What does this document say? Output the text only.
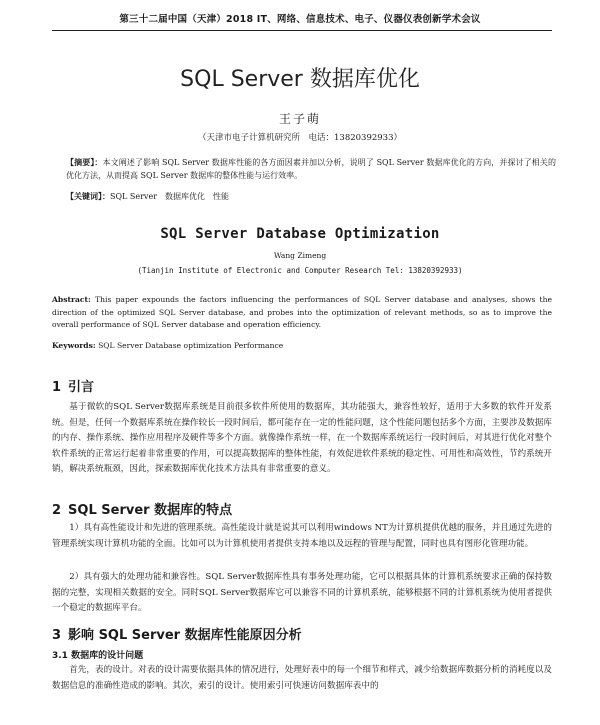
第三十二届中国（天津）2018 IT、网络、信息技术、电子、仪器仪表创新学术会议
SQL Server 数据库优化
王子萌
（天津市电子计算机研究所　电话：13820392933）
【摘要】：本文阐述了影响 SQL Server 数据库性能的各方面因素并加以分析，说明了 SQL Server 数据库优化的方向，并探讨了相关的优化方法，从而提高 SQL Server 数据库的整体性能与运行效率。
【关键词】：SQL Server　数据库优化　性能
SQL Server Database Optimization
Wang Zimeng
(Tianjin Institute of Electronic and Computer Research Tel: 13820392933)
Abstract: This paper expounds the factors influencing the performances of SQL Server database and analyses, shows the direction of the optimized SQL Server database, and probes into the optimization of relevant methods, so as to improve the overall performance of SQL Server database and operation efficiency.
Keywords: SQL Server Database optimization Performance
1 引言

基于微软的SQL Server数据库系统是目前很多软件所使用的数据库，其功能强大，兼容性较好，适用于大多数的软件开发系统。但是，任何一个数据库系统在操作较长一段时间后，都可能存在一定的性能问题，这个性能问题包括多个方面，主要涉及数据库的内存、操作系统、操作应用程序及硬件等多个方面。就像操作系统一样，在一个数据库系统运行一段时间后，对其进行优化对整个软件系统的正常运行起着非常重要的作用，可以提高数据库的整体性能，有效促进软件系统的稳定性、可用性和高效性，节约系统开销，解决系统瓶颈，因此，探索数据库优化技术方法具有非常重要的意义。

2 SQL Server 数据库的特点

1）具有高性能设计和先进的管理系统。高性能设计就是说其可以利用windows NT为计算机提供优越的服务，并且通过先进的管理系统实现计算机功能的全面。比如可以为计算机使用者提供支持本地以及远程的管理与配置，同时也具有图形化管理功能。

2）具有强大的处理功能和兼容性。SQL Server数据库性具有事务处理功能，它可以根据具体的计算机系统要求正确的保持数据的完整，实现相关数据的安全。同时SQL Server数据库它可以兼容不同的计算机系统，能够根据不同的计算机系统为使用者提供一个稳定的数据库平台。

3 影响 SQL Server 数据库性能原因分析
3.1 数据库的设计问题

首先，表的设计。对表的设计需要依据具体的情况进行，处理好表中的每一个细节和样式，减少给数据库数据分析的消耗度以及数据信息的准确性造成的影响。其次，索引的设计。使用索引可快速访问数据库表中的
